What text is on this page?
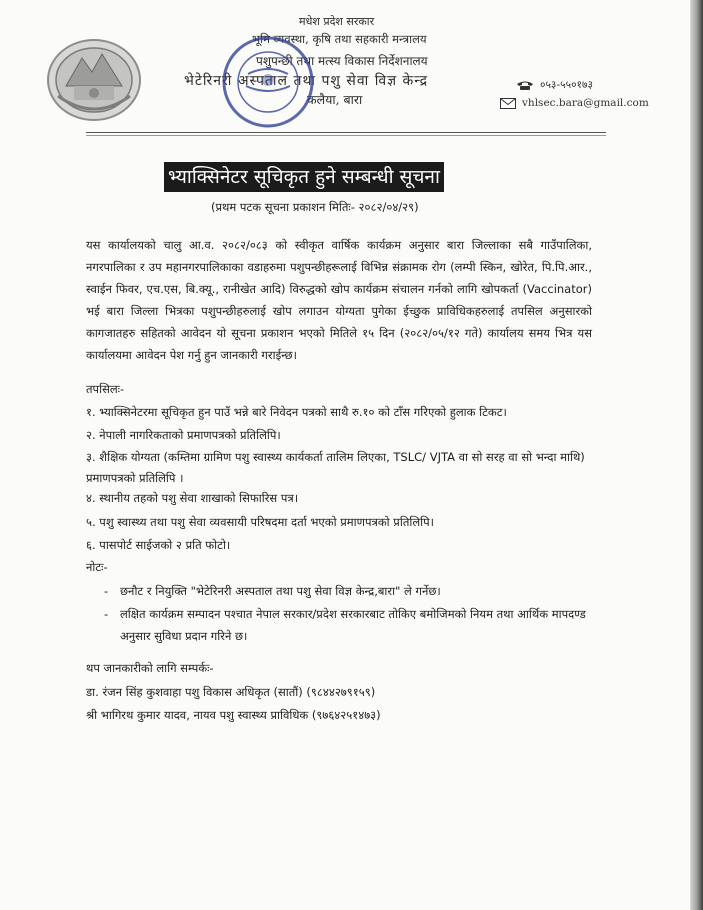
मधेश प्रदेश सरकार
भूमि व्यवस्था, कृषि तथा सहकारी मन्त्रालय
पशुपन्छी तथा मत्स्य विकास निर्देशनालय
भेटेरिनरी अस्पताल तथा पशु सेवा विज्ञ केन्द्र
कलैया, बारा
०५३-५५०१७३
vhlsec.bara@gmail.com
भ्याक्सिनेटर सूचिकृत हुने सम्बन्धी सूचना
(प्रथम पटक सूचना प्रकाशन मितिः- २०८२/०४/२९)
यस कार्यालयको चालु आ.व. २०८२/०८३ को स्वीकृत वार्षिक कार्यक्रम अनुसार बारा जिल्लाका सबै गाउँपालिका, नगरपालिका र उप महानगरपालिकाका वडाहरुमा पशुपन्छीहरूलाई विभिन्न संक्रामक रोग (लम्पी स्किन, खोरेत, पि.पि.आर., स्वाईन फिवर, एच.एस, बि.क्यू., रानीखेत आदि) विरुद्धको खोप कार्यक्रम संचालन गर्नको लागि खोपकर्ता (Vaccinator) भई बारा जिल्ला भित्रका पशुपन्छीहरुलाई खोप लगाउन योग्यता पुगेका ईच्छुक प्राविधिकहरुलाई तपसिल अनुसारको कागजातहरु सहितको आवेदन यो सूचना प्रकाशन भएको मितिले १५ दिन (२०८२/०५/१२ गते) कार्यालय समय भित्र यस कार्यालयमा आवेदन पेश गर्नु हुन जानकारी गराईन्छ।
तपसिलः-
१. भ्याक्सिनेटरमा सूचिकृत हुन पाउँ भन्ने बारे निवेदन पत्रको साथै रु.१० को टाँस गरिएको हुलाक टिकट।
२. नेपाली नागरिकताको प्रमाणपत्रको प्रतिलिपि।
३. शैक्षिक योग्यता (कम्तिमा ग्रामिण पशु स्वास्थ्य कार्यकर्ता तालिम लिएका, TSLC/ VJTA वा सो सरह वा सो भन्दा माथि) प्रमाणपत्रको प्रतिलिपि ।
४. स्थानीय तहको पशु सेवा शाखाको सिफारिस पत्र।
५. पशु स्वास्थ्य तथा पशु सेवा व्यवसायी परिषदमा दर्ता भएको प्रमाणपत्रको प्रतिलिपि।
६. पासपोर्ट साईजको २ प्रति फोटो।
नोटः-
-	छनौट र नियुक्ति "भेटेरिनरी अस्पताल तथा पशु सेवा विज्ञ केन्द्र,बारा" ले गर्नेछ।
-	लक्षित कार्यक्रम सम्पादन पश्चात नेपाल सरकार/प्रदेश सरकारबाट तोकिए बमोजिमको नियम तथा आर्थिक मापदण्ड अनुसार सुविधा प्रदान गरिने छ।
थप जानकारीको लागि सम्पर्कः-
डा. रंजन सिंह कुशवाहा पशु विकास अधिकृत (सातौं) (९८४४२७९१५९)
श्री भागिरथ कुमार यादव, नायव पशु स्वास्थ्य प्राविधिक (९७६४२५१४७३)
